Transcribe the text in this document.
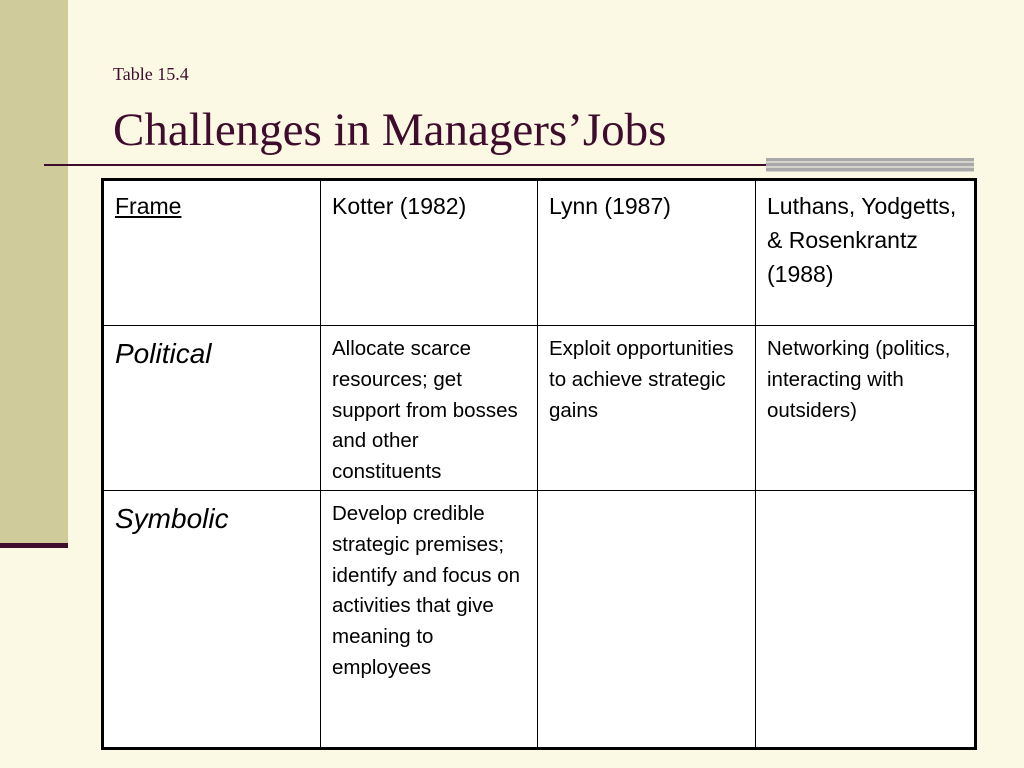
Table 15.4
Challenges in Managers’Jobs
Frame	Kotter (1982)	Lynn (1987)	Luthans, Yodgetts, & Rosenkrantz (1988)

Political	Allocate scarce resources; get support from bosses and other constituents	Exploit opportunities to achieve strategic gains	Networking (politics, interacting with outsiders)

Symbolic	Develop credible strategic premises; identify and focus on activities that give meaning to employees		
